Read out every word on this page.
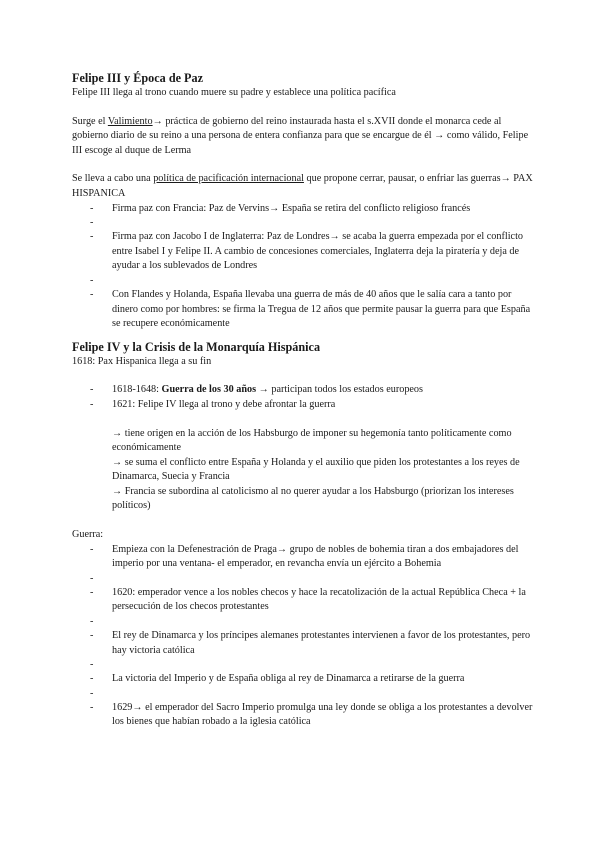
Felipe III y Época de Paz

Felipe III llega al trono cuando muere su padre y establece una política pacífica

Surge el Valimiento→ práctica de gobierno del reino instaurada hasta el s.XVII donde el monarca cede al gobierno diario de su reino a una persona de entera confianza para que se encargue de él → como válido, Felipe III escoge al duque de Lerma

Se lleva a cabo una política de pacificación internacional que propone cerrar, pausar, o enfriar las guerras→ PAX HISPANICA

- Firma paz con Francia: Paz de Vervins→ España se retira del conflicto religioso francés
-
- Firma paz con Jacobo I de Inglaterra: Paz de Londres→ se acaba la guerra empezada por el conflicto entre Isabel I y Felipe II. A cambio de concesiones comerciales, Inglaterra deja la piratería y deja de ayudar a los sublevados de Londres
-
- Con Flandes y Holanda, España llevaba una guerra de más de 40 años que le salía cara a tanto por dinero como por hombres: se firma la Tregua de 12 años que permite pausar la guerra para que España se recupere económicamente
Felipe IV y la Crisis de la Monarquía Hispánica

1618: Pax Hispanica llega a su fin

- 1618-1648: Guerra de los 30 años → participan todos los estados europeos
- 1621: Felipe IV llega al trono y debe afrontar la guerra

→ tiene origen en la acción de los Habsburgo de imponer su hegemonía tanto políticamente como económicamente

→ se suma el conflicto entre España y Holanda y el auxilio que piden los protestantes a los reyes de Dinamarca, Suecia y Francia

→ Francia se subordina al catolicismo al no querer ayudar a los Habsburgo (priorizan los intereses políticos)

Guerra:

- Empieza con la Defenestración de Praga→ grupo de nobles de bohemia tiran a dos embajadores del imperio por una ventana- el emperador, en revancha envía un ejército a Bohemia
-
- 1620: emperador vence a los nobles checos y hace la recatolización de la actual República Checa + la persecución de los checos protestantes
-
- El rey de Dinamarca y los príncipes alemanes protestantes intervienen a favor de los protestantes, pero hay victoria católica
-
- La victoria del Imperio y de España obliga al rey de Dinamarca a retirarse de la guerra
-
- 1629→ el emperador del Sacro Imperio promulga una ley donde se obliga a los protestantes a devolver los bienes que habían robado a la iglesia católica
